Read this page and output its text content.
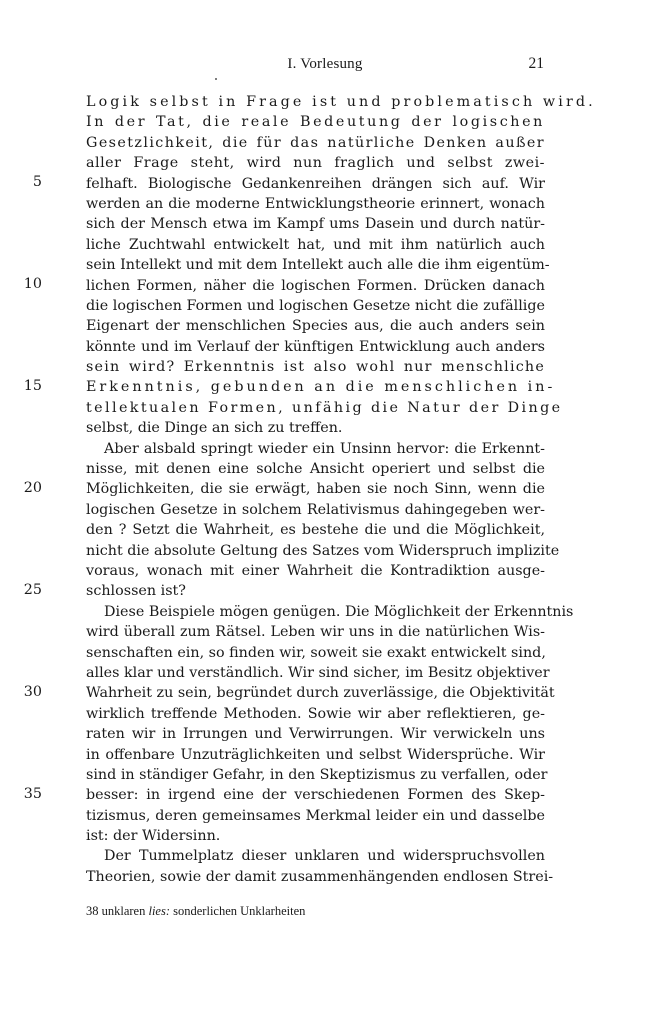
I. Vorlesung	21
Logik selbst in Frage ist und problematisch wird.
In der Tat, die reale Bedeutung der logischen
Gesetzlichkeit, die für das natürliche Denken außer
aller Frage steht, wird nun fraglich und selbst zwei-
felhaft. Biologische Gedankenreihen drängen sich auf. Wir
werden an die moderne Entwicklungstheorie erinnert, wonach
sich der Mensch etwa im Kampf ums Dasein und durch natür-
liche Zuchtwahl entwickelt hat, und mit ihm natürlich auch
sein Intellekt und mit dem Intellekt auch alle die ihm eigentüm-
lichen Formen, näher die logischen Formen. Drücken danach
die logischen Formen und logischen Gesetze nicht die zufällige
Eigenart der menschlichen Species aus, die auch anders sein
könnte und im Verlauf der künftigen Entwicklung auch anders
sein wird? Erkenntnis ist also wohl nur menschliche
Erkenntnis, gebunden an die menschlichen in-
tellektualen Formen, unfähig die Natur der Dinge
selbst, die Dinge an sich zu treffen.
Aber alsbald springt wieder ein Unsinn hervor: die Erkennt-
nisse, mit denen eine solche Ansicht operiert und selbst die
Möglichkeiten, die sie erwägt, haben sie noch Sinn, wenn die
logischen Gesetze in solchem Relativismus dahingegeben wer-
den ? Setzt die Wahrheit, es bestehe die und die Möglichkeit,
nicht die absolute Geltung des Satzes vom Widerspruch implizite
voraus, wonach mit einer Wahrheit die Kontradiktion ausge-
schlossen ist?
Diese Beispiele mögen genügen. Die Möglichkeit der Erkenntnis
wird überall zum Rätsel. Leben wir uns in die natürlichen Wis-
senschaften ein, so finden wir, soweit sie exakt entwickelt sind,
alles klar und verständlich. Wir sind sicher, im Besitz objektiver
Wahrheit zu sein, begründet durch zuverlässige, die Objektivität
wirklich treffende Methoden. Sowie wir aber reflektieren, ge-
raten wir in Irrungen und Verwirrungen. Wir verwickeln uns
in offenbare Unzuträglichkeiten und selbst Widersprüche. Wir
sind in ständiger Gefahr, in den Skeptizismus zu verfallen, oder
besser: in irgend eine der verschiedenen Formen des Skep-
tizismus, deren gemeinsames Merkmal leider ein und dasselbe
ist: der Widersinn.
Der Tummelplatz dieser unklaren und widerspruchsvollen
Theorien, sowie der damit zusammenhängenden endlosen Strei-
5
10
15
20
25
30
35
38 unklaren lies: sonderlichen Unklarheiten
